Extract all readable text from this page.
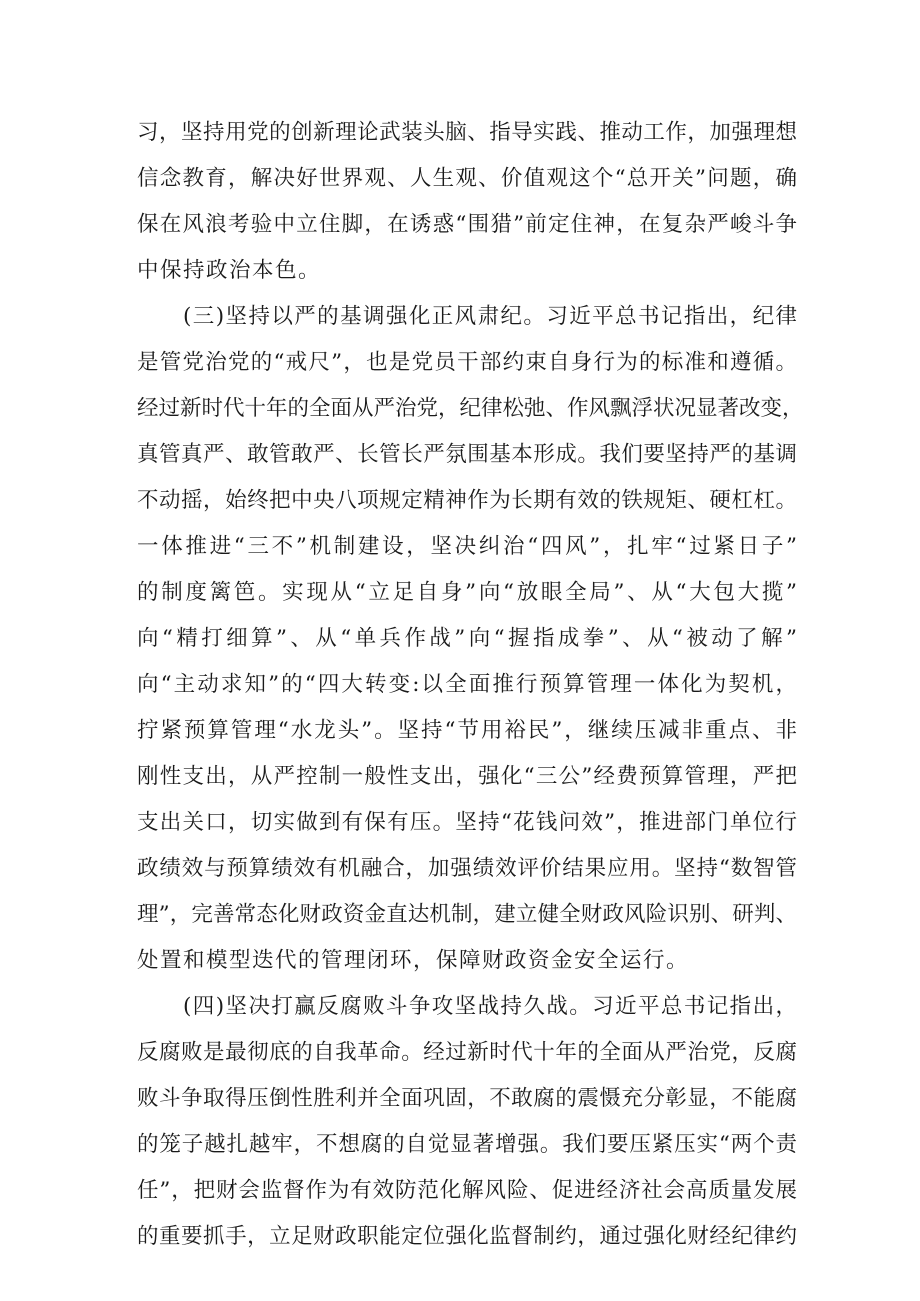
习，坚持用党的创新理论武装头脑、指导实践、推动工作，加强理想
信念教育，解决好世界观、人生观、价值观这个“总开关”问题，确
保在风浪考验中立住脚，在诱惑“围猎”前定住神，在复杂严峻斗争
中保持政治本色。
(三)坚持以严的基调强化正风肃纪。习近平总书记指出，纪律
是管党治党的“戒尺”，也是党员干部约束自身行为的标准和遵循。
经过新时代十年的全面从严治党，纪律松弛、作风飘浮状况显著改变，
真管真严、敢管敢严、长管长严氛围基本形成。我们要坚持严的基调
不动摇，始终把中央八项规定精神作为长期有效的铁规矩、硬杠杠。
一体推进“三不”机制建设，坚决纠治“四风”，扎牢“过紧日子”
的制度篱笆。实现从“立足自身”向“放眼全局”、从“大包大揽”
向“精打细算”、从“单兵作战”向“握指成拳”、从“被动了解”
向“主动求知”的“四大转变:以全面推行预算管理一体化为契机，
拧紧预算管理“水龙头”。坚持“节用裕民”，继续压减非重点、非
刚性支出，从严控制一般性支出，强化“三公”经费预算管理，严把
支出关口，切实做到有保有压。坚持“花钱问效”，推进部门单位行
政绩效与预算绩效有机融合，加强绩效评价结果应用。坚持“数智管
理”，完善常态化财政资金直达机制，建立健全财政风险识别、研判、
处置和模型迭代的管理闭环，保障财政资金安全运行。
(四)坚决打赢反腐败斗争攻坚战持久战。习近平总书记指出，
反腐败是最彻底的自我革命。经过新时代十年的全面从严治党，反腐
败斗争取得压倒性胜利并全面巩固，不敢腐的震慑充分彰显，不能腐
的笼子越扎越牢，不想腐的自觉显著增强。我们要压紧压实“两个责
任”，把财会监督作为有效防范化解风险、促进经济社会高质量发展
的重要抓手，立足财政职能定位强化监督制约，通过强化财经纪律约
